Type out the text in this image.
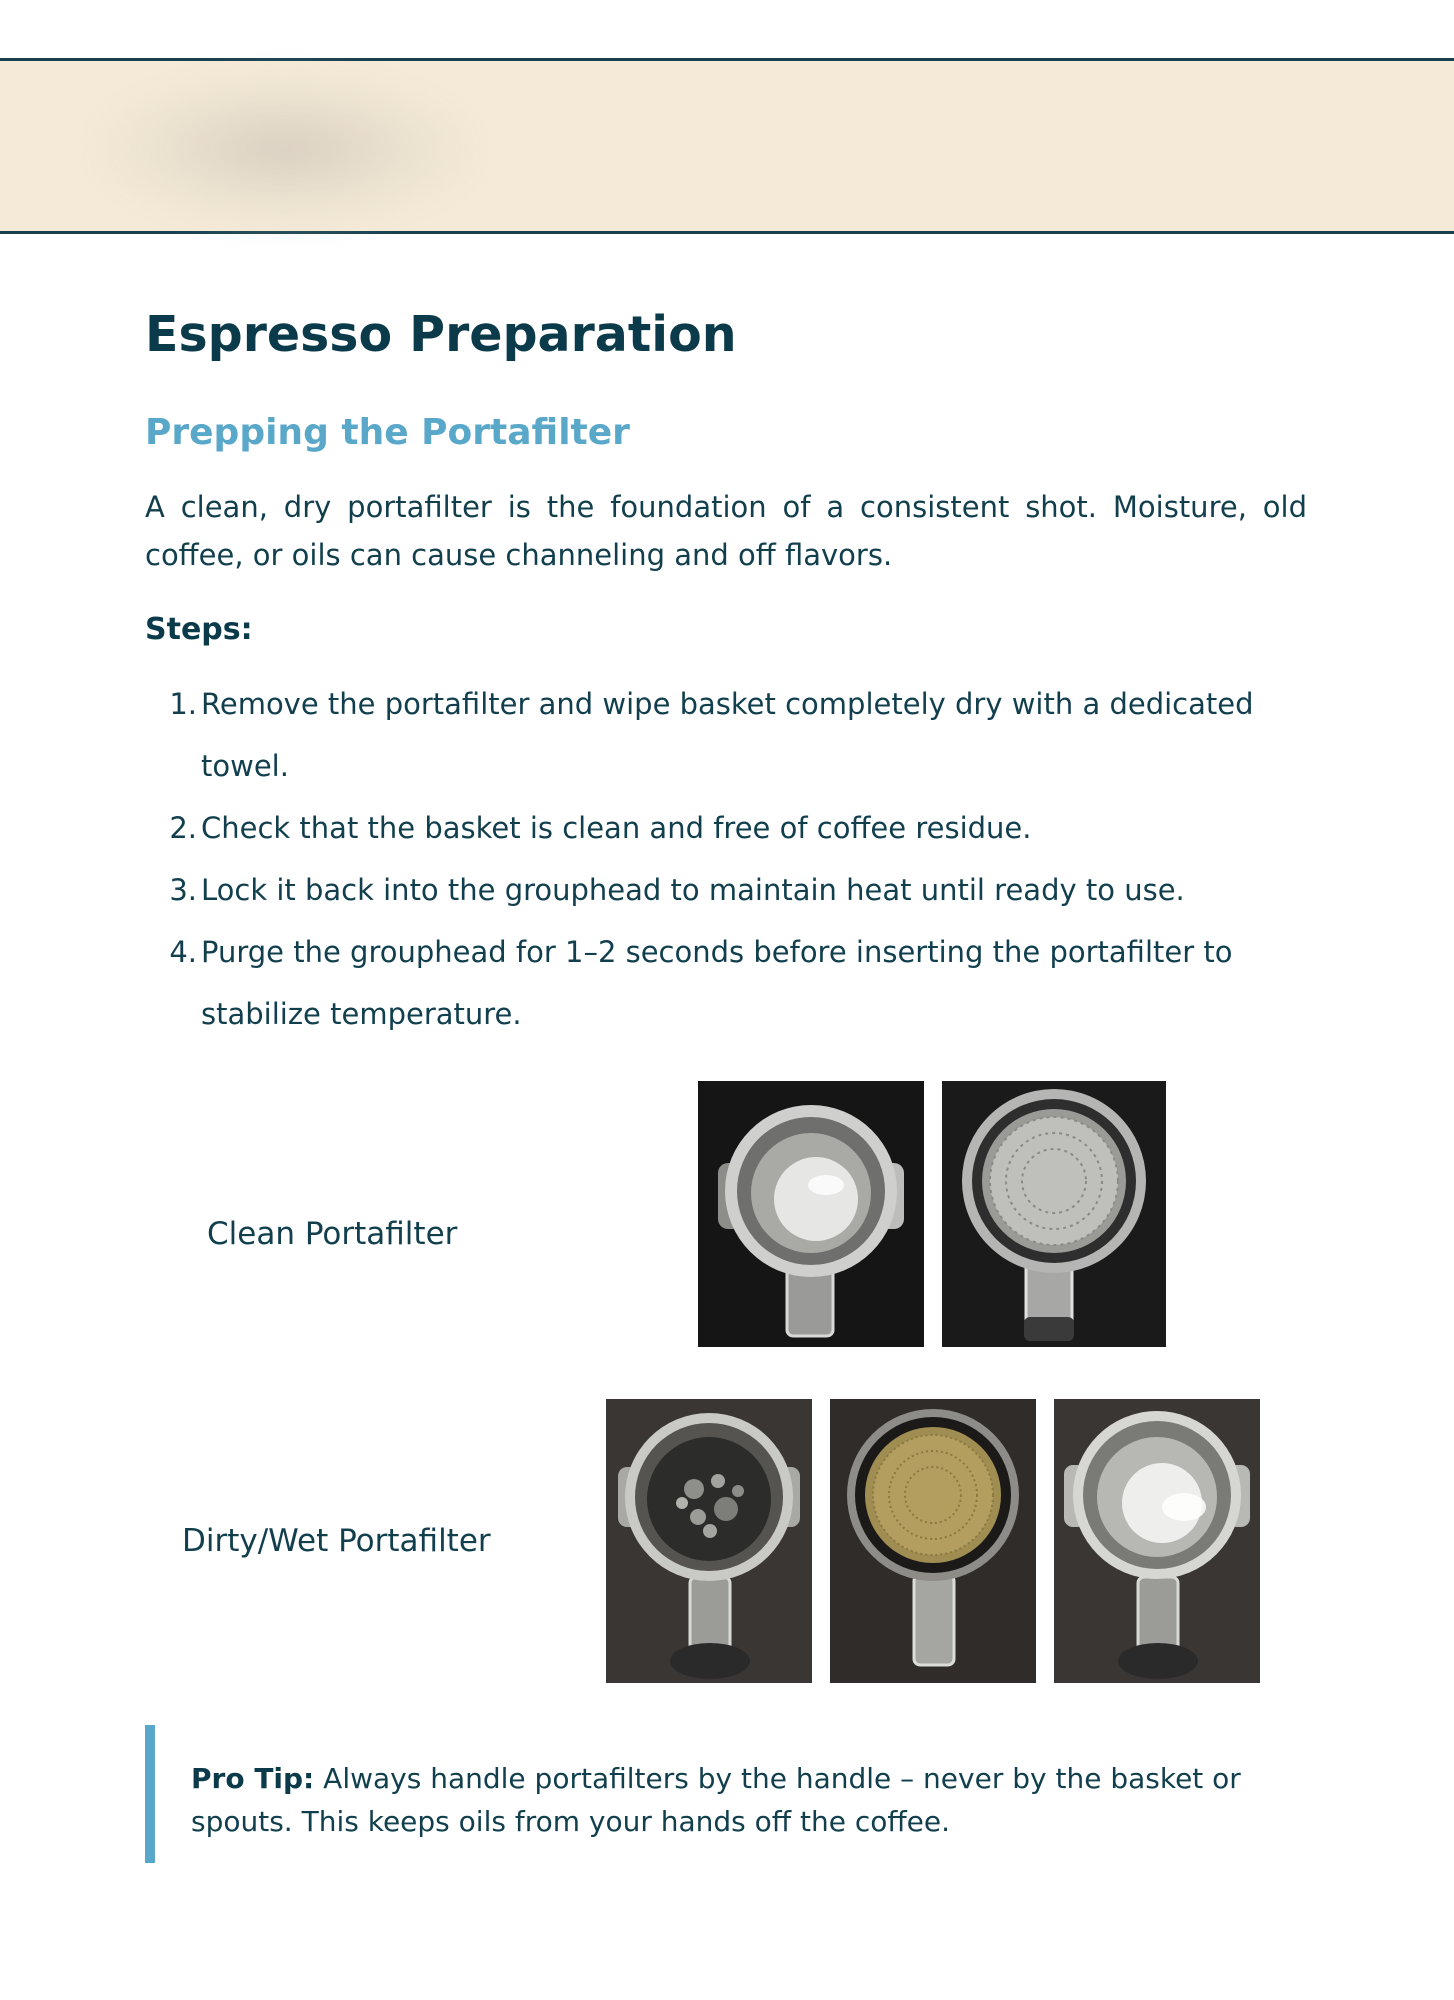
Espresso Preparation
Prepping the Portafilter

A clean, dry portafilter is the foundation of a consistent shot. Moisture, old coffee, or oils can cause channeling and off flavors.

Steps:

1. Remove the portafilter and wipe basket completely dry with a dedicated towel.
2. Check that the basket is clean and free of coffee residue.
3. Lock it back into the grouphead to maintain heat until ready to use.
4. Purge the grouphead for 1–2 seconds before inserting the portafilter to stabilize temperature.

Clean Portafilter

Dirty/Wet Portafilter

Pro Tip: Always handle portafilters by the handle – never by the basket or spouts. This keeps oils from your hands off the coffee.
